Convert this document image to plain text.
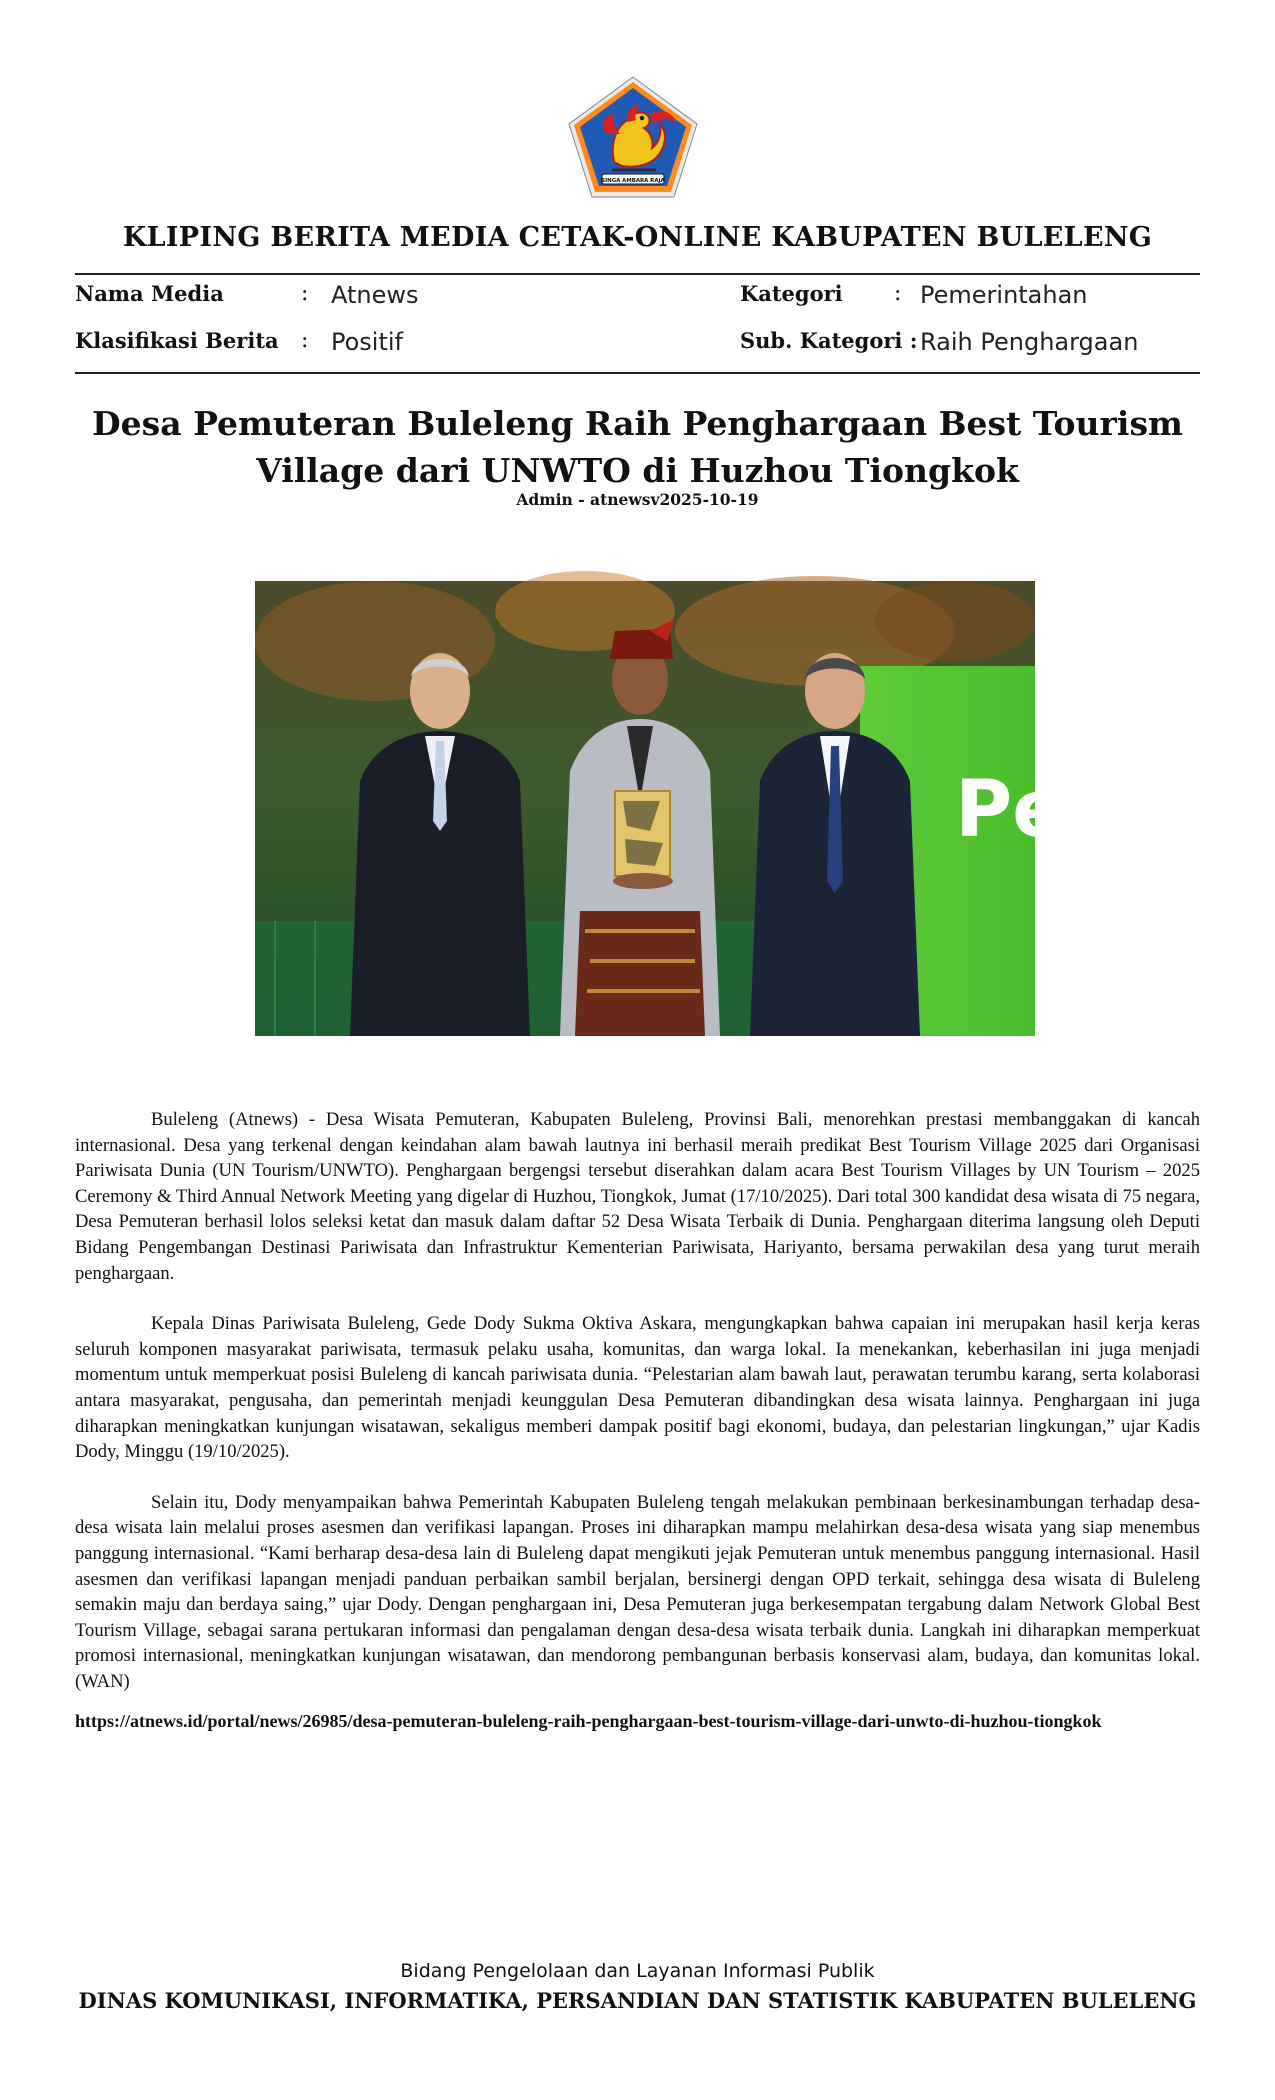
SINGA AMBARA RAJA
KLIPING BERITA MEDIA CETAK-ONLINE KABUPATEN BULELENG
Nama Media	: Atnews	Kategori : Pemerintahan
Klasifikasi Berita : Positif	Sub. Kategori : Raih Penghargaan
Desa Pemuteran Buleleng Raih Penghargaan Best Tourism Village dari UNWTO di Huzhou Tiongkok
Admin - atnewsv2025-10-19
Pe

Buleleng (Atnews) - Desa Wisata Pemuteran, Kabupaten Buleleng, Provinsi Bali, menorehkan prestasi membanggakan di kancah internasional. Desa yang terkenal dengan keindahan alam bawah lautnya ini berhasil meraih predikat Best Tourism Village 2025 dari Organisasi Pariwisata Dunia (UN Tourism/UNWTO). Penghargaan bergengsi tersebut diserahkan dalam acara Best Tourism Villages by UN Tourism – 2025 Ceremony & Third Annual Network Meeting yang digelar di Huzhou, Tiongkok, Jumat (17/10/2025). Dari total 300 kandidat desa wisata di 75 negara, Desa Pemuteran berhasil lolos seleksi ketat dan masuk dalam daftar 52 Desa Wisata Terbaik di Dunia. Penghargaan diterima langsung oleh Deputi Bidang Pengembangan Destinasi Pariwisata dan Infrastruktur Kementerian Pariwisata, Hariyanto, bersama perwakilan desa yang turut meraih penghargaan.

Kepala Dinas Pariwisata Buleleng, Gede Dody Sukma Oktiva Askara, mengungkapkan bahwa capaian ini merupakan hasil kerja keras seluruh komponen masyarakat pariwisata, termasuk pelaku usaha, komunitas, dan warga lokal. Ia menekankan, keberhasilan ini juga menjadi momentum untuk memperkuat posisi Buleleng di kancah pariwisata dunia. “Pelestarian alam bawah laut, perawatan terumbu karang, serta kolaborasi antara masyarakat, pengusaha, dan pemerintah menjadi keunggulan Desa Pemuteran dibandingkan desa wisata lainnya. Penghargaan ini juga diharapkan meningkatkan kunjungan wisatawan, sekaligus memberi dampak positif bagi ekonomi, budaya, dan pelestarian lingkungan,” ujar Kadis Dody, Minggu (19/10/2025).

Selain itu, Dody menyampaikan bahwa Pemerintah Kabupaten Buleleng tengah melakukan pembinaan berkesinambungan terhadap desa-desa wisata lain melalui proses asesmen dan verifikasi lapangan. Proses ini diharapkan mampu melahirkan desa-desa wisata yang siap menembus panggung internasional. “Kami berharap desa-desa lain di Buleleng dapat mengikuti jejak Pemuteran untuk menembus panggung internasional. Hasil asesmen dan verifikasi lapangan menjadi panduan perbaikan sambil berjalan, bersinergi dengan OPD terkait, sehingga desa wisata di Buleleng semakin maju dan berdaya saing,” ujar Dody. Dengan penghargaan ini, Desa Pemuteran juga berkesempatan tergabung dalam Network Global Best Tourism Village, sebagai sarana pertukaran informasi dan pengalaman dengan desa-desa wisata terbaik dunia. Langkah ini diharapkan memperkuat promosi internasional, meningkatkan kunjungan wisatawan, dan mendorong pembangunan berbasis konservasi alam, budaya, dan komunitas lokal. (WAN)

https://atnews.id/portal/news/26985/desa-pemuteran-buleleng-raih-penghargaan-best-tourism-village-dari-unwto-di-huzhou-tiongkok
Bidang Pengelolaan dan Layanan Informasi Publik
DINAS KOMUNIKASI, INFORMATIKA, PERSANDIAN DAN STATISTIK KABUPATEN BULELENG
